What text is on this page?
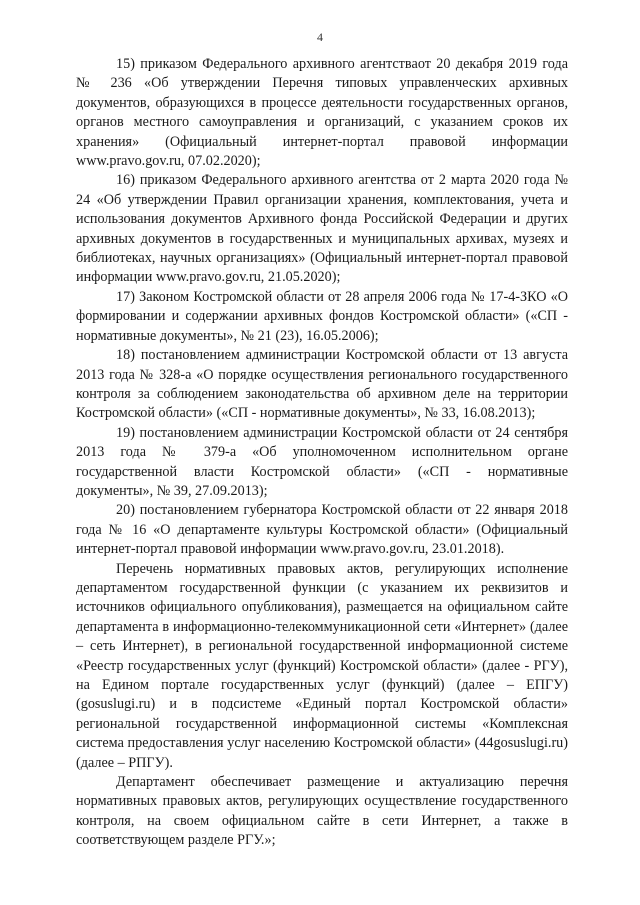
4

15) приказом Федерального архивного агентствaот 20 декабря 2019 года № 236 «Об утверждении Перечня типовых управленческих архивных документов, образующихся в процессе деятельности государственных органов, органов местного самоуправления и организаций, с указанием сроков их хранения» (Официальный интернет-портал правовой информации www.pravo.gov.ru, 07.02.2020);

16) приказом Федерального архивного агентства от 2 марта 2020 года № 24 «Об утверждении Правил организации хранения, комплектования, учета и использования документов Архивного фонда Российской Федерации и других архивных документов в государственных и муниципальных архивах, музеях и библиотеках, научных организациях» (Официальный интернет-портал правовой информации www.pravo.gov.ru, 21.05.2020);

17) Законом Костромской области от 28 апреля 2006 года № 17-4-ЗКО «О формировании и содержании архивных фондов Костромской области» («СП - нормативные документы», № 21 (23), 16.05.2006);

18) постановлением администрации Костромской области от 13 августа 2013 года № 328-а «О порядке осуществления регионального государственного контроля за соблюдением законодательства об архивном деле на территории Костромской области» («СП - нормативные документы», № 33, 16.08.2013);

19) постановлением администрации Костромской области от 24 сентября 2013 года № 379-а «Об уполномоченном исполнительном органе государственной власти Костромской области» («СП - нормативные документы», № 39, 27.09.2013);

20) постановлением губернатора Костромской области от 22 января 2018 года № 16 «О департаменте культуры Костромской области» (Официальный интернет-портал правовой информации www.pravo.gov.ru, 23.01.2018).

Перечень нормативных правовых актов, регулирующих исполнение департаментом государственной функции (с указанием их реквизитов и источников официального опубликования), размещается на официальном сайте департамента в информационно-телекоммуникационной сети «Интернет» (далее – сеть Интернет), в региональной государственной информационной системе «Реестр государственных услуг (функций) Костромской области» (далее - РГУ), на Едином портале государственных услуг (функций) (далее – ЕПГУ) (gosuslugi.ru) и в подсистеме «Единый портал Костромской области» региональной государственной информационной системы «Комплексная система предоставления услуг населению Костромской области» (44gosuslugi.ru) (далее – РПГУ).

Департамент обеспечивает размещение и актуализацию перечня нормативных правовых актов, регулирующих осуществление государственного контроля, на своем официальном сайте в сети Интернет, а также в соответствующем разделе РГУ.»;
